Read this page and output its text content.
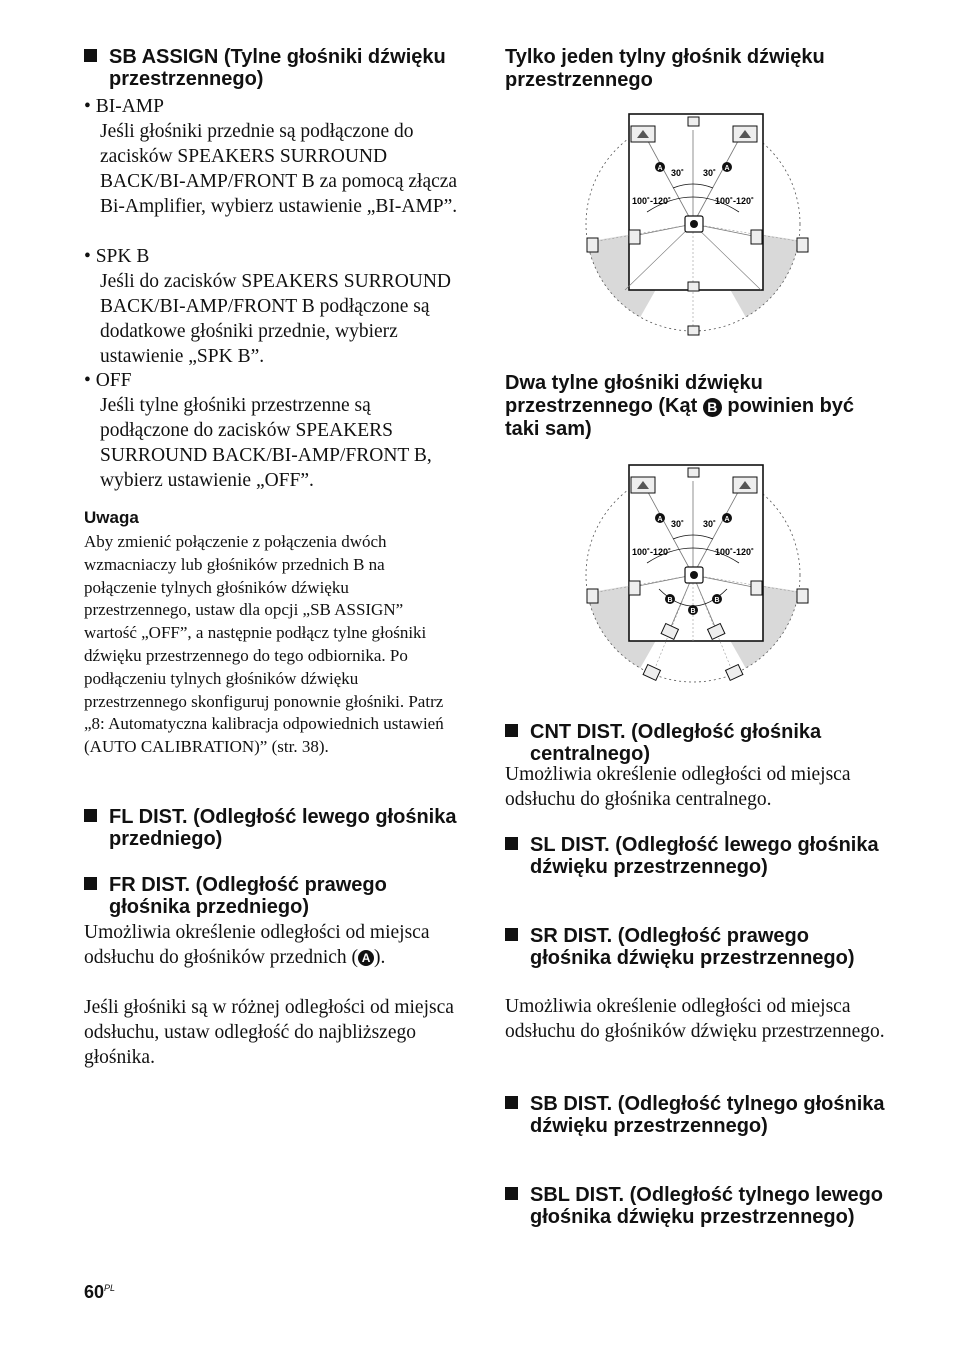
SB ASSIGN (Tylne głośniki dźwięku przestrzennego)
• BI-AMP
Jeśli głośniki przednie są podłączone do zacisków SPEAKERS SURROUND BACK/BI-AMP/FRONT B za pomocą złącza Bi-Amplifier, wybierz ustawienie „BI-AMP”.
• SPK B
Jeśli do zacisków SPEAKERS SURROUND BACK/BI-AMP/FRONT B podłączone są dodatkowe głośniki przednie, wybierz ustawienie „SPK B”.
• OFF
Jeśli tylne głośniki przestrzenne są podłączone do zacisków SPEAKERS SURROUND BACK/BI-AMP/FRONT B, wybierz ustawienie „OFF”.
Uwaga
Aby zmienić połączenie z połączenia dwóch wzmacniaczy lub głośników przednich B na połączenie tylnych głośników dźwięku przestrzennego, ustaw dla opcji „SB ASSIGN” wartość „OFF”, a następnie podłącz tylne głośniki dźwięku przestrzennego do tego odbiornika. Po podłączeniu tylnych głośników dźwięku przestrzennego skonfiguruj ponownie głośniki. Patrz „8: Automatyczna kalibracja odpowiednich ustawień (AUTO CALIBRATION)” (str. 38).
FL DIST. (Odległość lewego głośnika przedniego)
FR DIST. (Odległość prawego głośnika przedniego)
Umożliwia określenie odległości od miejsca odsłuchu do głośników przednich ( A ).
Jeśli głośniki są w różnej odległości od miejsca odsłuchu, ustaw odległość do najbliższego głośnika.
Tylko jeden tylny głośnik dźwięku przestrzennego
A	A
30˚ 30˚
100˚-120˚	100˚-120˚
Dwa tylne głośniki dźwięku przestrzennego (Kąt B powinien być taki sam)
A	A
B
B
B
30˚ 30˚
100˚-120˚	100˚-120˚
CNT DIST. (Odległość głośnika centralnego)
Umożliwia określenie odległości od miejsca odsłuchu do głośnika centralnego.
SL DIST. (Odległość lewego głośnika dźwięku przestrzennego)
SR DIST. (Odległość prawego głośnika dźwięku przestrzennego)
Umożliwia określenie odległości od miejsca odsłuchu do głośników dźwięku przestrzennego.
SB DIST. (Odległość tylnego głośnika dźwięku przestrzennego)
SBL DIST. (Odległość tylnego lewego głośnika dźwięku przestrzennego)
$60^{PL}$
